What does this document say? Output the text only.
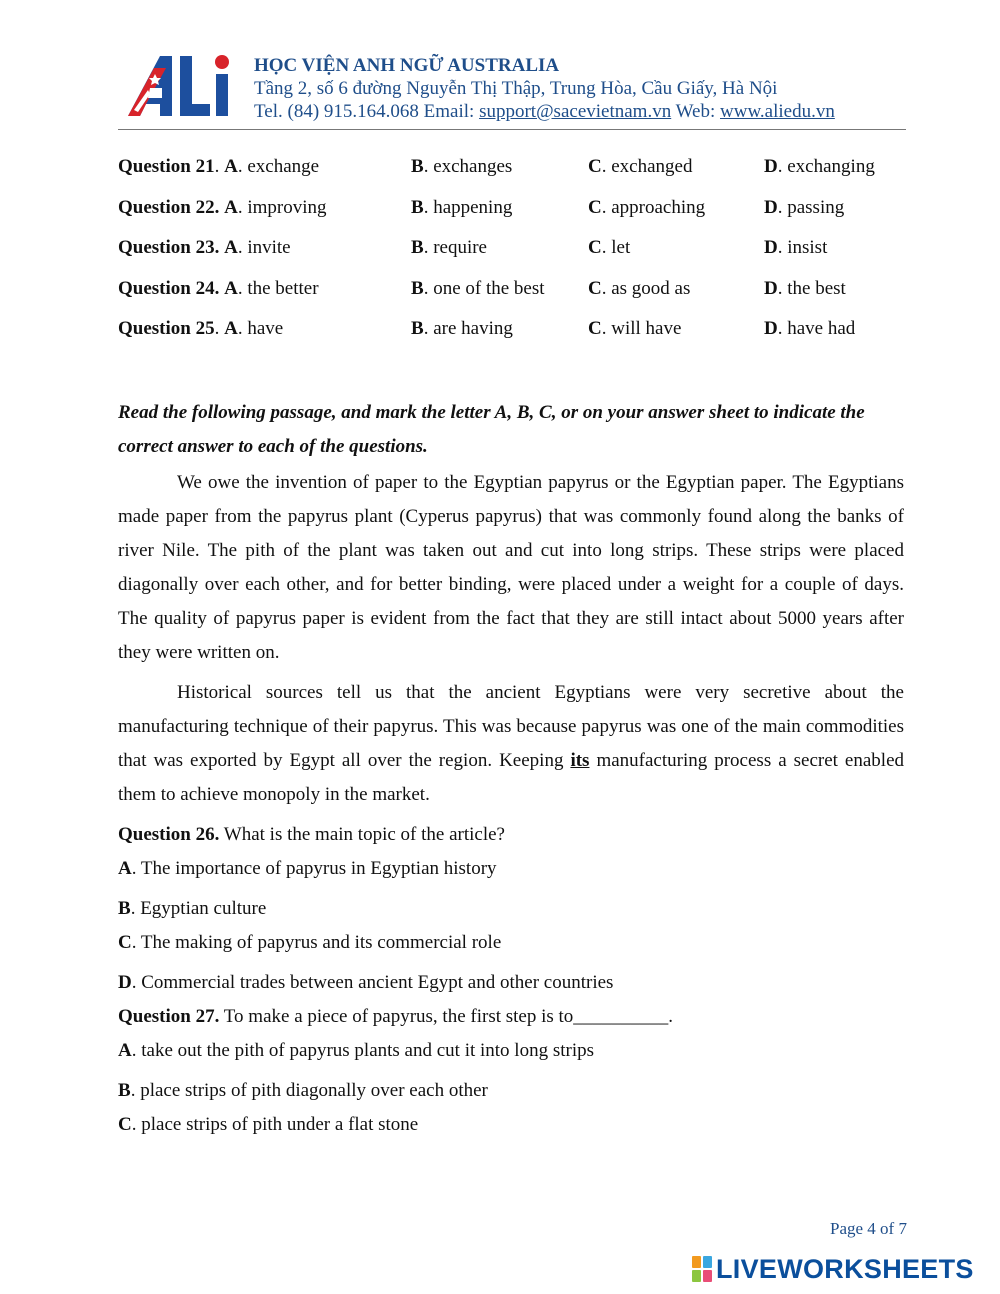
ALi
HỌC VIỆN ANH NGỮ AUSTRALIA
Tầng 2, số 6 đường Nguyễn Thị Thập, Trung Hòa, Cầu Giấy, Hà Nội
Tel. (84) 915.164.068 Email: support@sacevietnam.vn Web: www.aliedu.vn
Question 21. A. exchange	B. exchanges	C. exchanged	D. exchanging
Question 22. A. improving	B. happening	C. approaching	D. passing
Question 23. A. invite	B. require	C. let	D. insist
Question 24. A. the better	B. one of the best C. as good as	D. the best
Question 25. A. have	B. are having	C. will have	D. have had
Read the following passage, and mark the letter A, B, C, or on your answer sheet to indicate the correct answer to each of the questions.
We owe the invention of paper to the Egyptian papyrus or the Egyptian paper. The Egyptians made paper from the papyrus plant (Cyperus papyrus) that was commonly found along the banks of river Nile. The pith of the plant was taken out and cut into long strips. These strips were placed diagonally over each other, and for better binding, were placed under a weight for a couple of days. The quality of papyrus paper is evident from the fact that they are still intact about 5000 years after they were written on.
Historical sources tell us that the ancient Egyptians were very secretive about the manufacturing technique of their papyrus. This was because papyrus was one of the main commodities that was exported by Egypt all over the region. Keeping its manufacturing process a secret enabled them to achieve monopoly in the market.
Question 26. What is the main topic of the article?
A. The importance of papyrus in Egyptian history
B. Egyptian culture
C. The making of papyrus and its commercial role
D. Commercial trades between ancient Egypt and other countries
Question 27. To make a piece of papyrus, the first step is to__________.
A. take out the pith of papyrus plants and cut it into long strips
B. place strips of pith diagonally over each other
C. place strips of pith under a flat stone
Page 4 of 7
LIVEWORKSHEETS
